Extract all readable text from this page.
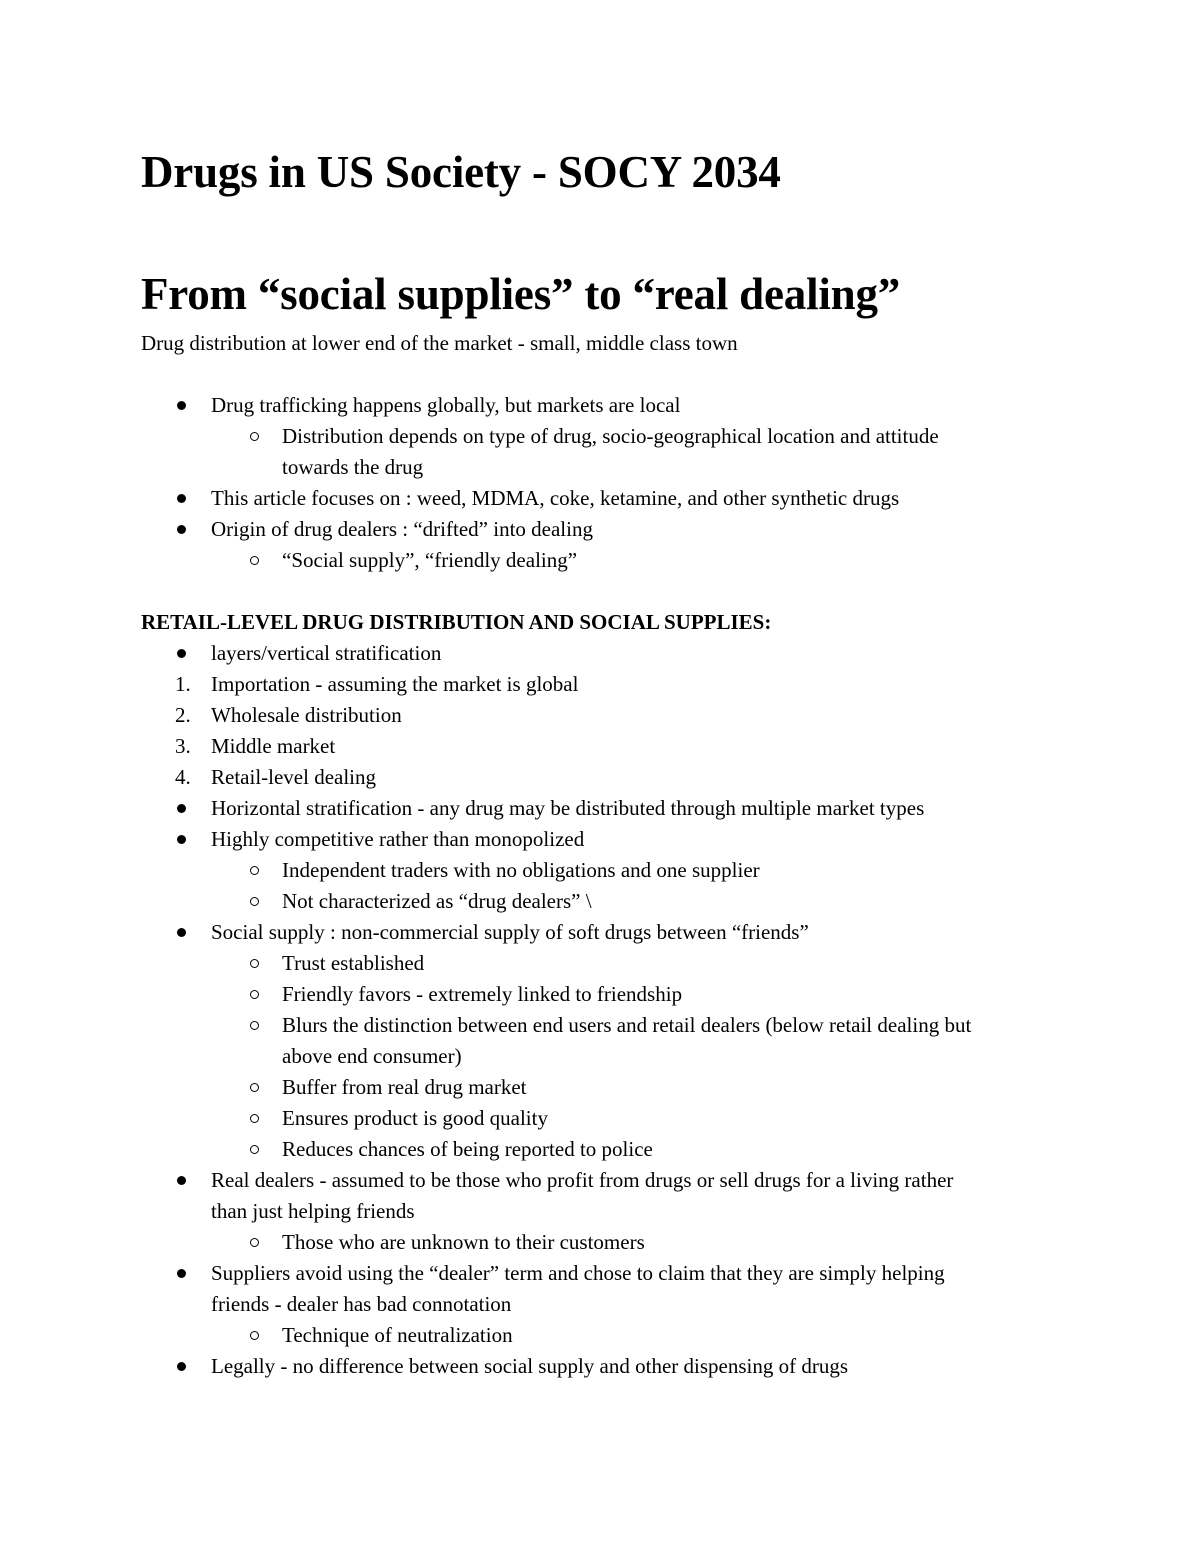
Drugs in US Society - SOCY 2034
From “social supplies” to “real dealing”

Drug distribution at lower end of the market - small, middle class town

Drug trafficking happens globally, but markets are local
Distribution depends on type of drug, socio-geographical location and attitude
towards the drug
This article focuses on : weed, MDMA, coke, ketamine, and other synthetic drugs
Origin of drug dealers : “drifted” into dealing
“Social supply”, “friendly dealing”

RETAIL-LEVEL DRUG DISTRIBUTION AND SOCIAL SUPPLIES:

layers/vertical stratification
1. Importation - assuming the market is global
2. Wholesale distribution
3. Middle market
4. Retail-level dealing
Horizontal stratification - any drug may be distributed through multiple market types
Highly competitive rather than monopolized
Independent traders with no obligations and one supplier
Not characterized as “drug dealers” \
Social supply : non-commercial supply of soft drugs between “friends”
Trust established
Friendly favors - extremely linked to friendship
Blurs the distinction between end users and retail dealers (below retail dealing but
above end consumer)
Buffer from real drug market
Ensures product is good quality
Reduces chances of being reported to police
Real dealers - assumed to be those who profit from drugs or sell drugs for a living rather
than just helping friends
Those who are unknown to their customers
Suppliers avoid using the “dealer” term and chose to claim that they are simply helping
friends - dealer has bad connotation
Technique of neutralization
Legally - no difference between social supply and other dispensing of drugs
